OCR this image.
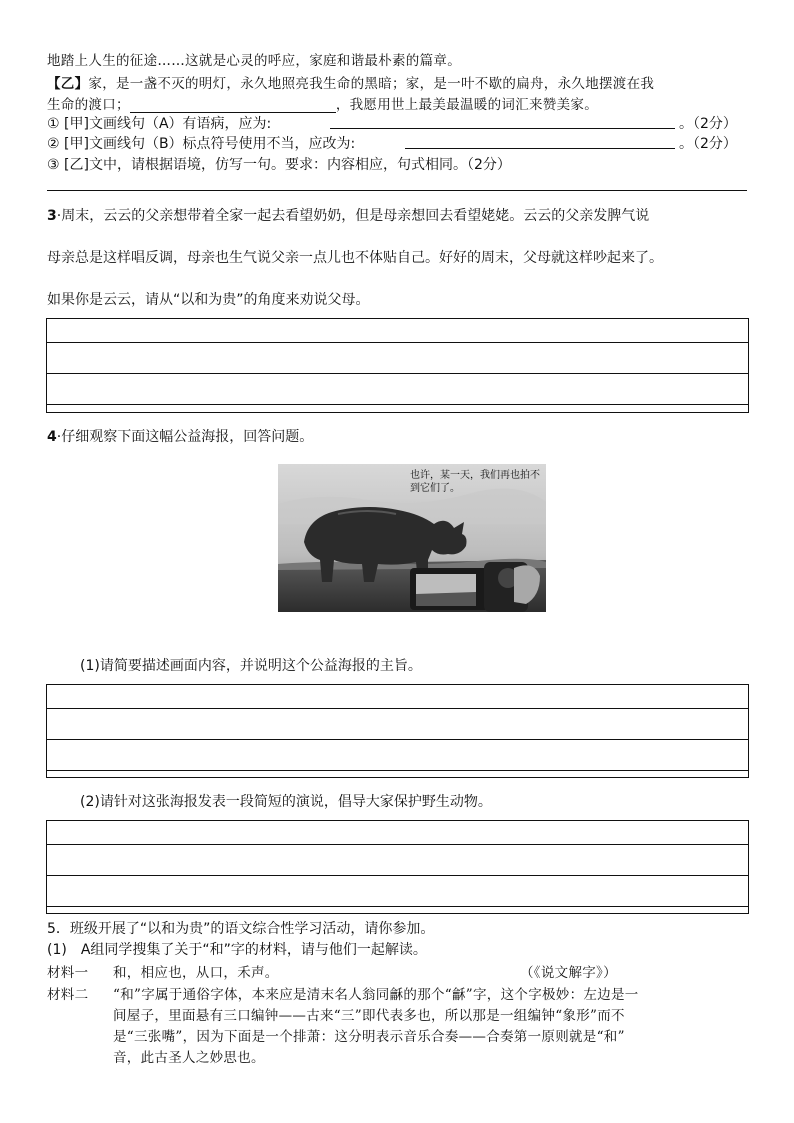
地踏上人生的征途……这就是心灵的呼应，家庭和谐最朴素的篇章。
【乙】家，是一盏不灭的明灯，永久地照亮我生命的黑暗；家，是一叶不歇的扁舟，永久地摆渡在我
生命的渡口；	，我愿用世上最美最温暖的词汇来赞美家。
① [甲]文画线句（A）有语病，应为:	。（2分）
② [甲]文画线句（B）标点符号使用不当，应改为:	。（2分）
③ [乙]文中，请根据语境，仿写一句。要求：内容相应，句式相同。（2分）
3·周末，云云的父亲想带着全家一起去看望奶奶，但是母亲想回去看望姥姥。云云的父亲发脾气说
母亲总是这样唱反调，母亲也生气说父亲一点儿也不体贴自己。好好的周末，父母就这样吵起来了。
如果你是云云，请从“以和为贵”的角度来劝说父母。
4·仔细观察下面这幅公益海报，回答问题。
也许，某一天，我们再也拍不到它们了。
(1)请简要描述画面内容，并说明这个公益海报的主旨。
(2)请针对这张海报发表一段简短的演说，倡导大家保护野生动物。
5．班级开展了“以和为贵”的语文综合性学习活动，请你参加。
(1)　A组同学搜集了关于“和”字的材料，请与他们一起解读。
材料一 和，相应也，从口，禾声。	（《说文解字》）
材料二 “和”字属于通俗字体，本来应是清末名人翁同龢的那个“龢”字，这个字极妙：左边是一
间屋子，里面悬有三口编钟——古来“三”即代表多也，所以那是一组编钟“象形”而不
是“三张嘴”，因为下面是一个排萧：这分明表示音乐合奏——合奏第一原则就是“和”
音，此古圣人之妙思也。
